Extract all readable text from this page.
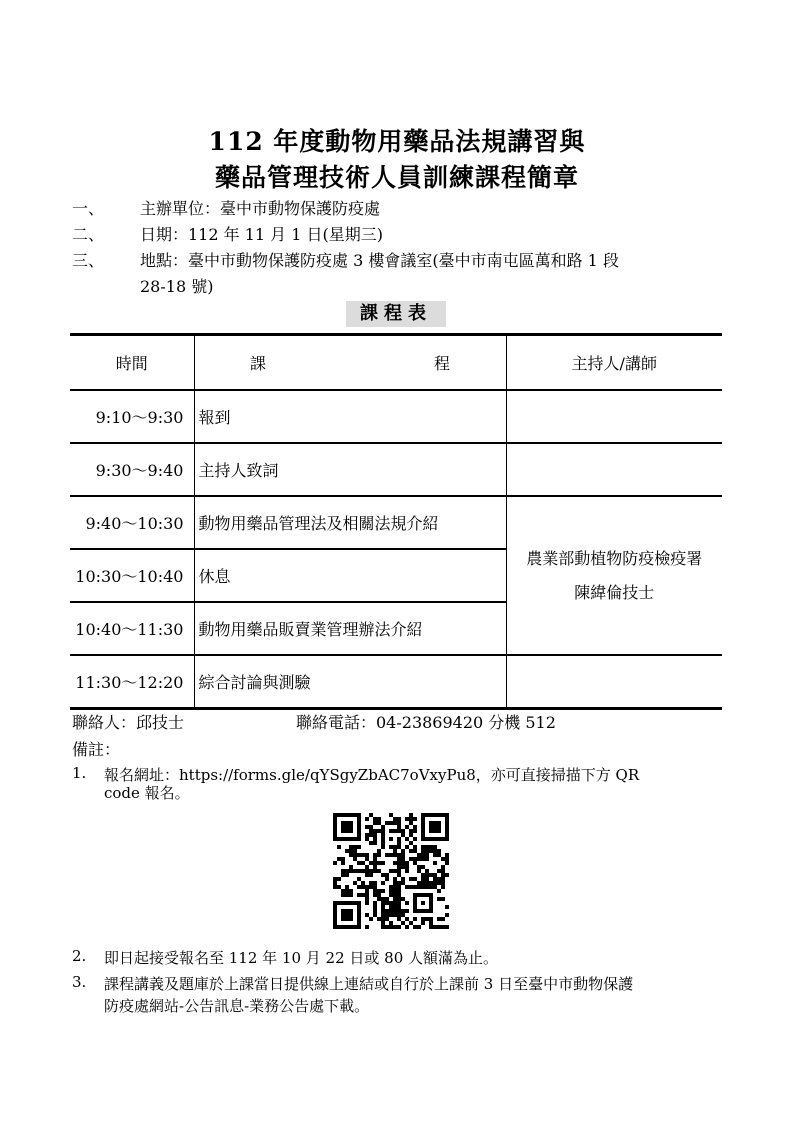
112 年度動物用藥品法規講習與
藥品管理技術人員訓練課程簡章
一、 主辦單位：臺中市動物保護防疫處
二、 日期：112 年 11 月 1 日(星期三)
三、 地點：臺中市動物保護防疫處 3 樓會議室(臺中市南屯區萬和路 1 段
28-18 號)
課程表
時間	課 程	主持人/講師
9:10～9:30	報到	
9:30～9:40	主持人致詞	
9:40～10:30	動物用藥品管理法及相關法規介紹	農業部動植物防疫檢疫署
陳緯倫技士

10:30～10:40	休息	
10:40～11:30	動物用藥品販賣業管理辦法介紹	
11:30～12:20	綜合討論與測驗	
聯絡人：邱技士	聯絡電話：04-23869420 分機 512
備註：
1. 報名網址：https://forms.gle/qYSgyZbAC7oVxyPu8，亦可直接掃描下方 QR
code 報名。
2. 即日起接受報名至 112 年 10 月 22 日或 80 人額滿為止。
3. 課程講義及題庫於上課當日提供線上連結或自行於上課前 3 日至臺中市動物保護
防疫處網站-公告訊息-業務公告處下載。
